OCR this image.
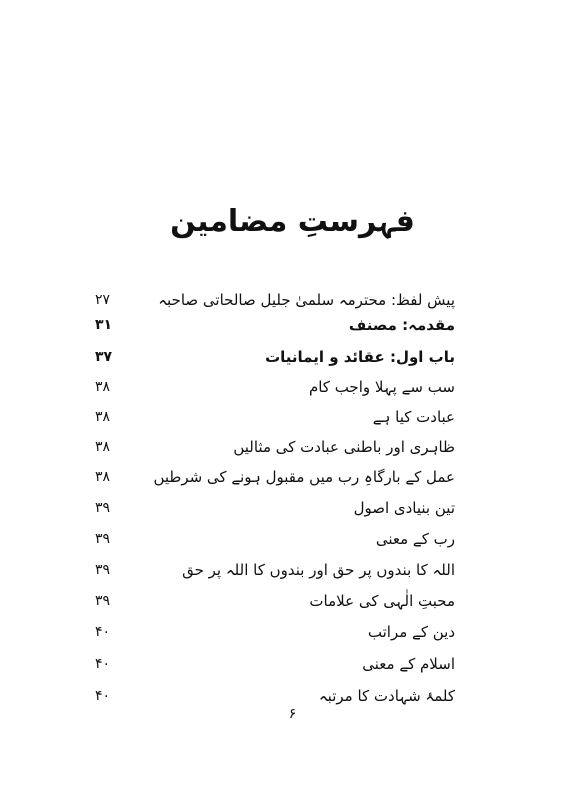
فہرستِ مضامین
پیش لفظ: محترمہ سلمیٰ جلیل صالحاتی صاحبہ
۲۷
مقدمہ: مصنف
۳۱
باب اول: عقائد و ایمانیات
۳۷
سب سے پہلا واجب کام
۳۸
عبادت کیا ہے
۳۸
ظاہری اور باطنی عبادت کی مثالیں
۳۸
عمل کے بارگاہِ رب میں مقبول ہونے کی شرطیں
۳۸
تین بنیادی اصول
۳۹
رب کے معنی
۳۹
اللہ کا بندوں پر حق اور بندوں کا اللہ پر حق
۳۹
محبتِ الٰہی کی علامات
۳۹
دین کے مراتب
۴۰
اسلام کے معنی
۴۰
کلمۂ شہادت کا مرتبہ
۴۰
۶
